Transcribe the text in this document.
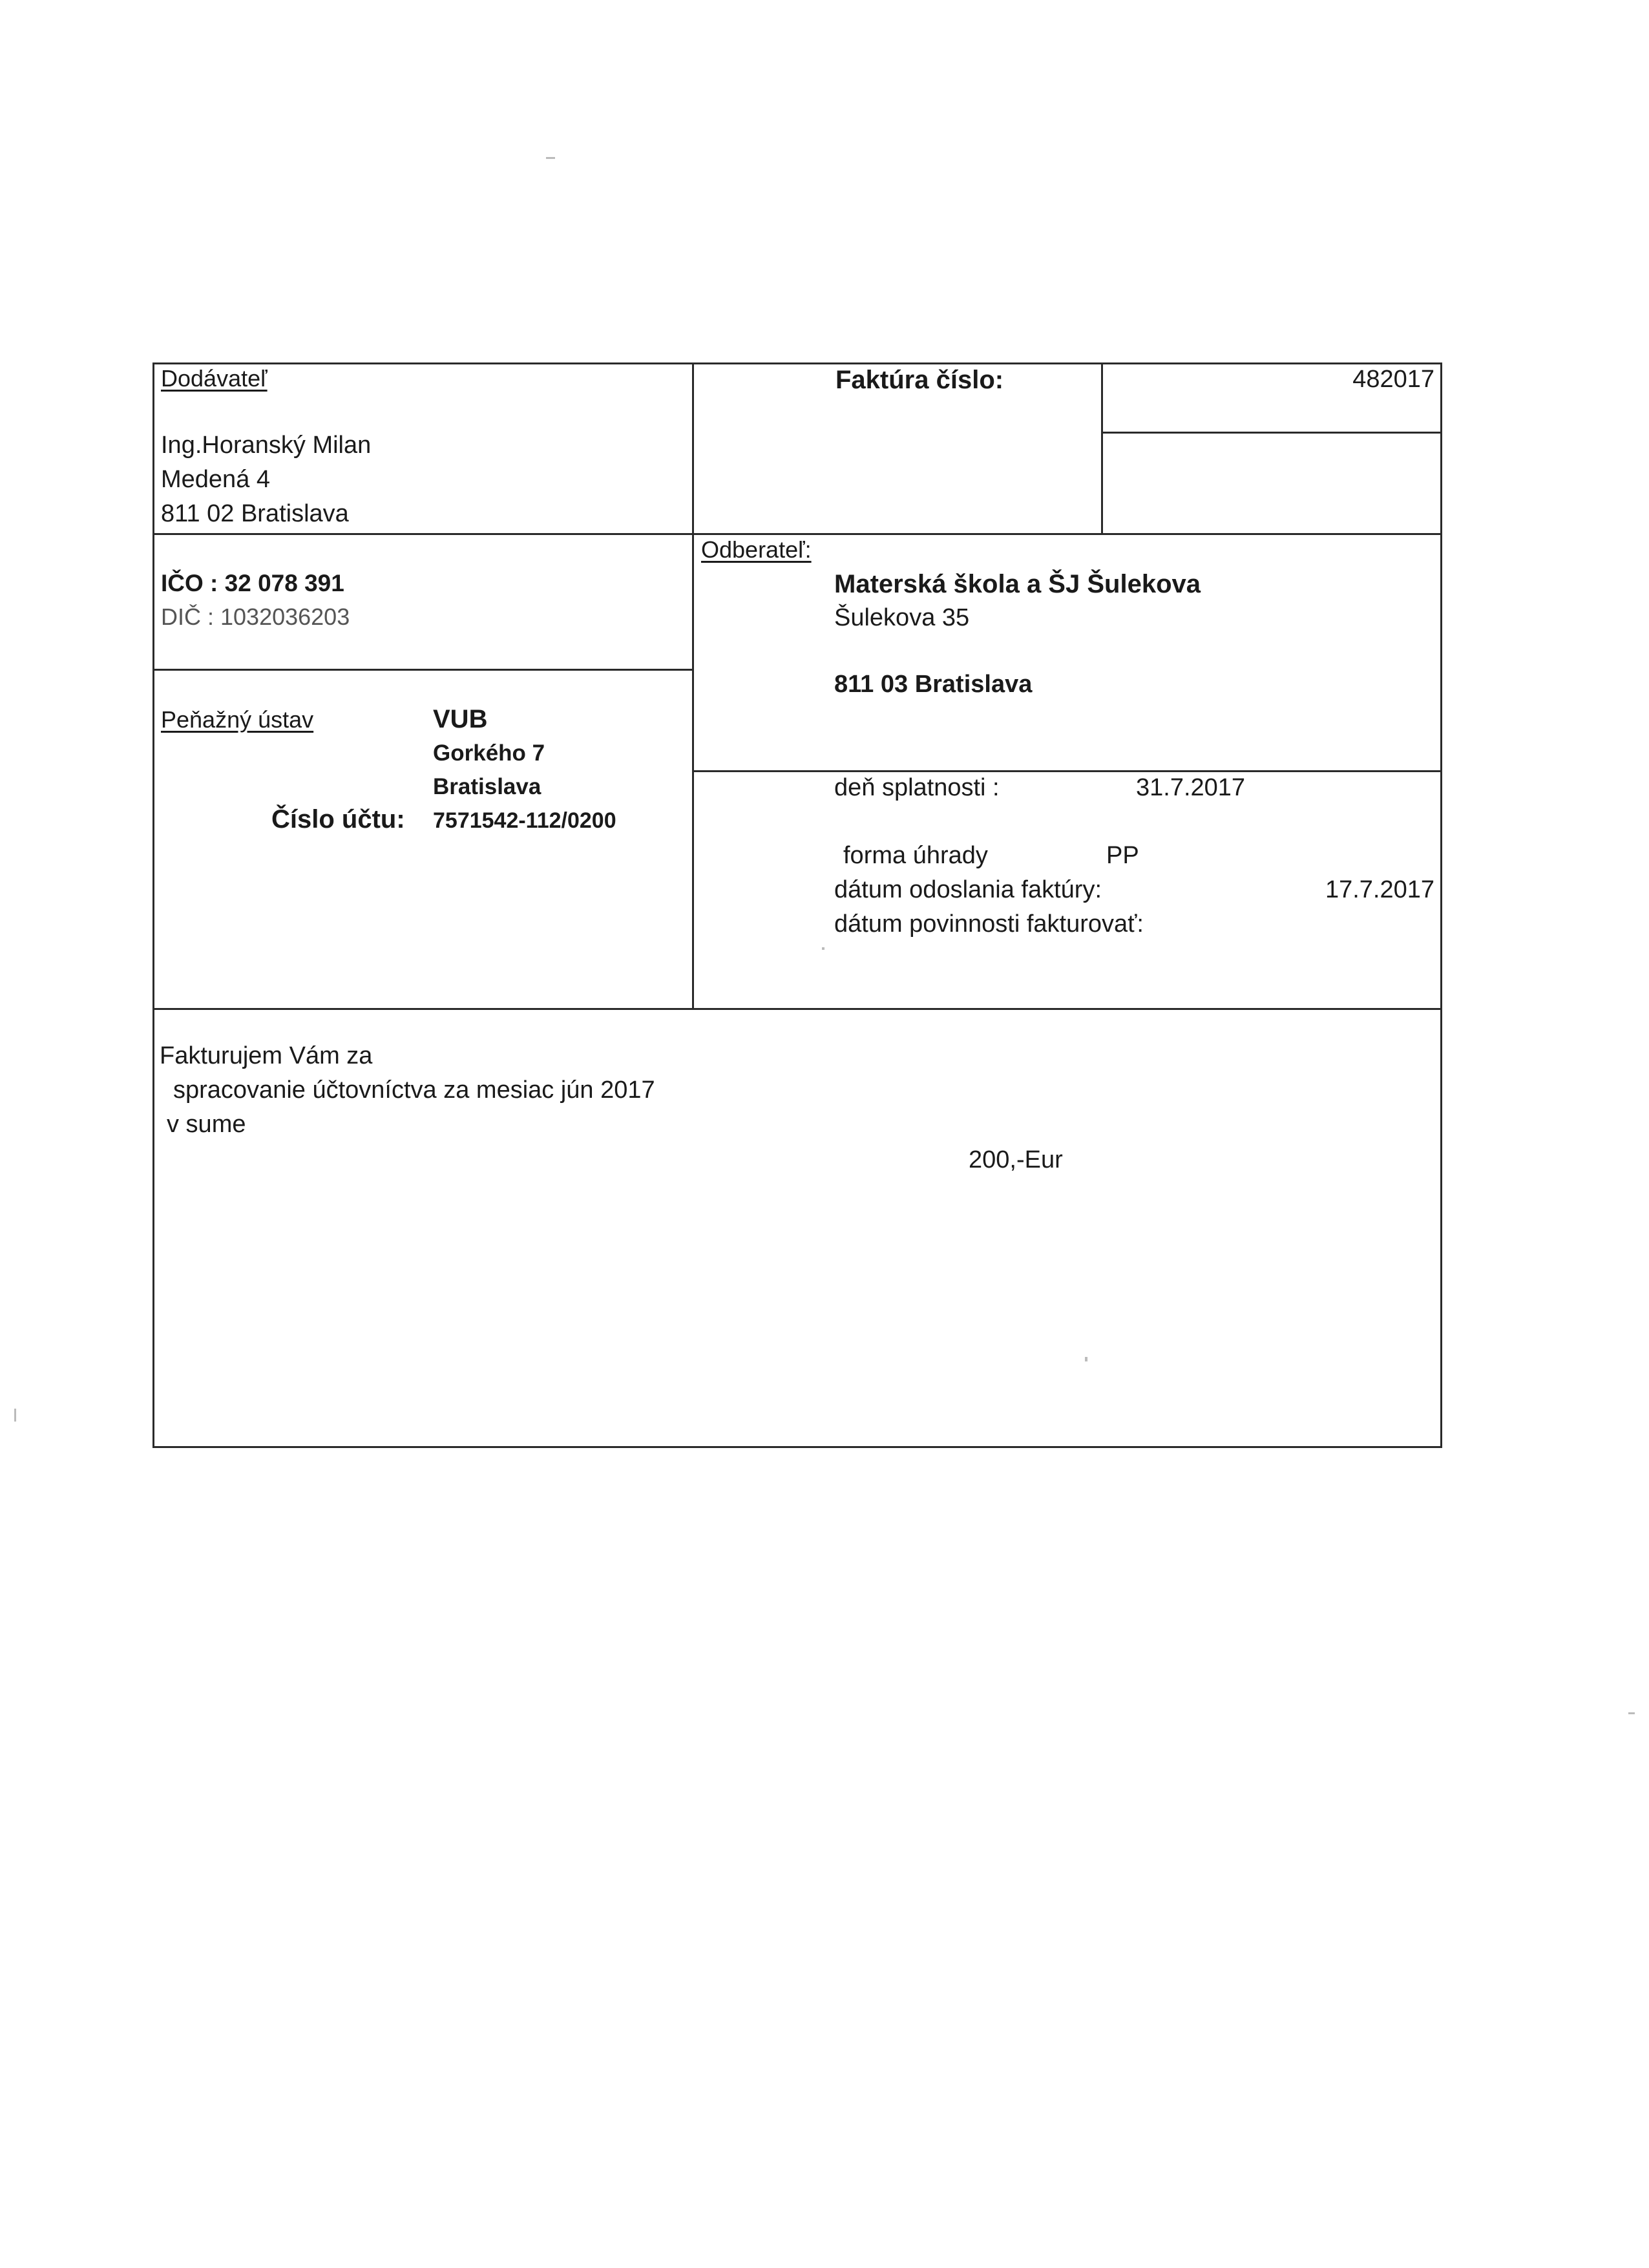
Dodávateľ
Ing.Horanský Milan
Medená 4
811 02 Bratislava
IČO : 32 078 391
DIČ : 1032036203
Peňažný ústav	VUB
Gorkého 7
Bratislava
Číslo účtu: 7571542-112/0200
Faktúra číslo:	482017
Odberateľ:
Materská škola a ŠJ Šulekova
Šulekova 35
811 03 Bratislava
deň splatnosti :	31.7.2017
forma úhrady	PP
dátum odoslania faktúry:	17.7.2017
dátum povinnosti fakturovať:
Fakturujem Vám za
spracovanie účtovníctva za mesiac jún 2017
v sume
200,-Eur
